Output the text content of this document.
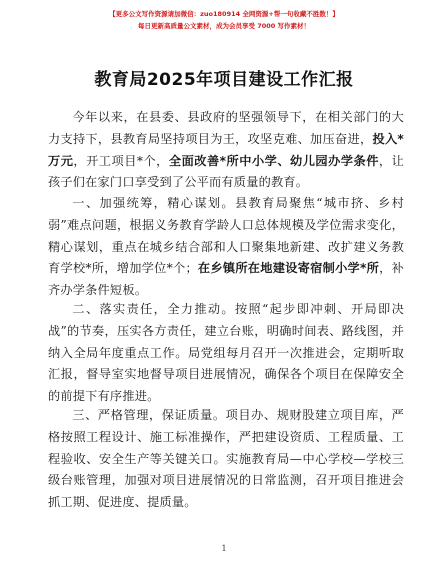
【更多公文写作资源请加微信：zuo180914 全网资源+帮一句收藏不胜数！】
每日更新高质量公文素材，成为会员享受 7000 写作素材！
教育局2025年项目建设工作汇报

今年以来，在县委、县政府的坚强领导下，在相关部门的大力支持下，县教育局坚持项目为王，攻坚克难、加压奋进，投入*万元，开工项目*个，全面改善*所中小学、幼儿园办学条件，让孩子们在家门口享受到了公平而有质量的教育。

一、加强统筹，精心谋划。县教育局聚焦“城市挤、乡村弱”难点问题，根据义务教育学龄人口总体规模及学位需求变化，精心谋划，重点在城乡结合部和人口聚集地新建、改扩建义务教育学校*所，增加学位*个；在乡镇所在地建设寄宿制小学*所，补齐办学条件短板。

二、落实责任，全力推动。按照“起步即冲刺、开局即决战”的节奏，压实各方责任，建立台账，明确时间表、路线图，并纳入全局年度重点工作。局党组每月召开一次推进会，定期听取汇报，督导室实地督导项目进展情况，确保各个项目在保障安全的前提下有序推进。

三、严格管理，保证质量。项目办、规财股建立项目库，严格按照工程设计、施工标准操作，严把建设资质、工程质量、工程验收、安全生产等关键关口。实施教育局—中心学校—学校三级台账管理，加强对项目进展情况的日常监测，召开项目推进会抓工期、促进度、提质量。

1
